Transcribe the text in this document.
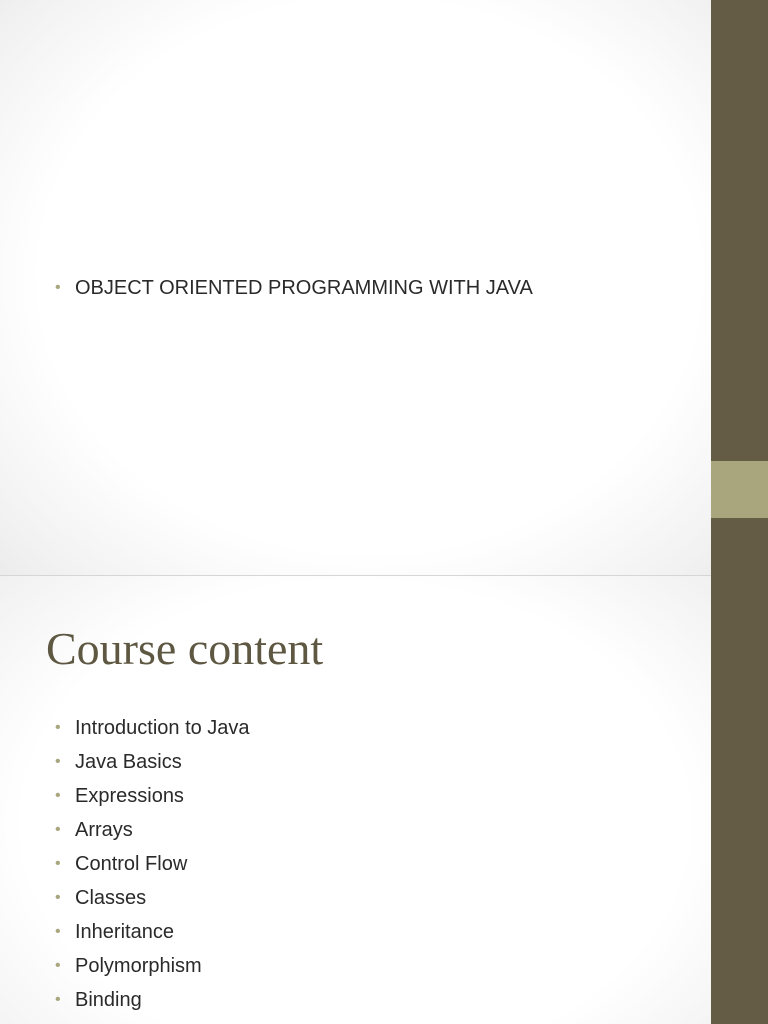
• OBJECT ORIENTED PROGRAMMING WITH JAVA
Course content
• Introduction to Java
• Java Basics
• Expressions
• Arrays
• Control Flow
• Classes
• Inheritance
• Polymorphism
• Binding
